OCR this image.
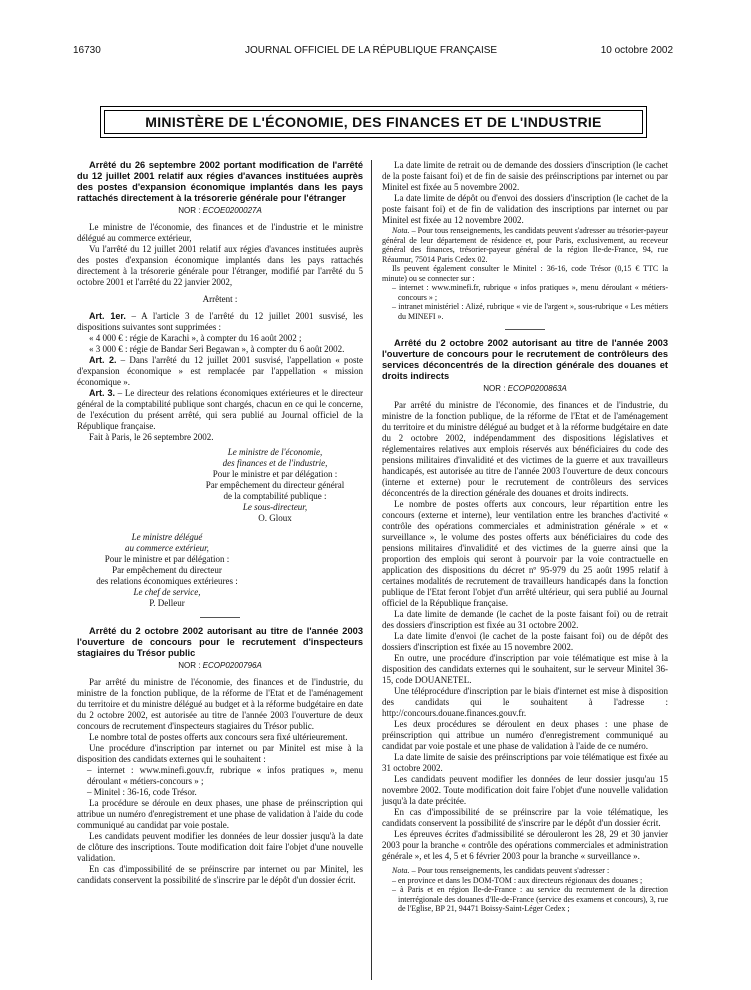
16730	JOURNAL OFFICIEL DE LA RÉPUBLIQUE FRANÇAISE	10 octobre 2002
MINISTÈRE DE L'ÉCONOMIE, DES FINANCES ET DE L'INDUSTRIE

Arrêté du 26 septembre 2002 portant modification de l'arrêté du 12 juillet 2001 relatif aux régies d'avances instituées auprès des postes d'expansion économique implantés dans les pays rattachés directement à la trésorerie générale pour l'étranger

NOR : ECOE0200027A

Le ministre de l'économie, des finances et de l'industrie et le ministre délégué au commerce extérieur,

Vu l'arrêté du 12 juillet 2001 relatif aux régies d'avances instituées auprès des postes d'expansion économique implantés dans les pays rattachés directement à la trésorerie générale pour l'étranger, modifié par l'arrêté du 5 octobre 2001 et l'arrêté du 22 janvier 2002,

Arrêtent :

Art. 1er. – A l'article 3 de l'arrêté du 12 juillet 2001 susvisé, les dispositions suivantes sont supprimées :

« 4 000 € : régie de Karachi », à compter du 16 août 2002 ;

« 3 000 € : régie de Bandar Seri Begawan », à compter du 6 août 2002.

Art. 2. – Dans l'arrêté du 12 juillet 2001 susvisé, l'appellation « poste d'expansion économique » est remplacée par l'appellation « mission économique ».

Art. 3. – Le directeur des relations économiques extérieures et le directeur général de la comptabilité publique sont chargés, chacun en ce qui le concerne, de l'exécution du présent arrêté, qui sera publié au Journal officiel de la République française.

Fait à Paris, le 26 septembre 2002.

Le ministre de l'économie,

des finances et de l'industrie,

Pour le ministre et par délégation :

Par empêchement du directeur général

de la comptabilité publique :

Le sous-directeur,

O. Gloux

Le ministre délégué

au commerce extérieur,

Pour le ministre et par délégation :

Par empêchement du directeur

des relations économiques extérieures :

Le chef de service,

P. Delleur

Arrêté du 2 octobre 2002 autorisant au titre de l'année 2003 l'ouverture de concours pour le recrutement d'inspecteurs stagiaires du Trésor public

NOR : ECOP0200796A

Par arrêté du ministre de l'économie, des finances et de l'industrie, du ministre de la fonction publique, de la réforme de l'Etat et de l'aménagement du territoire et du ministre délégué au budget et à la réforme budgétaire en date du 2 octobre 2002, est autorisée au titre de l'année 2003 l'ouverture de deux concours de recrutement d'inspecteurs stagiaires du Trésor public.

Le nombre total de postes offerts aux concours sera fixé ultérieurement.

Une procédure d'inscription par internet ou par Minitel est mise à la disposition des candidats externes qui le souhaitent :

– internet : www.minefi.gouv.fr, rubrique « infos pratiques », menu déroulant « métiers-concours » ;

– Minitel : 36-16, code Trésor.

La procédure se déroule en deux phases, une phase de préinscription qui attribue un numéro d'enregistrement et une phase de validation à l'aide du code communiqué au candidat par voie postale.

Les candidats peuvent modifier les données de leur dossier jusqu'à la date de clôture des inscriptions. Toute modification doit faire l'objet d'une nouvelle validation.

En cas d'impossibilité de se préinscrire par internet ou par Minitel, les candidats conservent la possibilité de s'inscrire par le dépôt d'un dossier écrit.

La date limite de retrait ou de demande des dossiers d'inscription (le cachet de la poste faisant foi) et de fin de saisie des préinscriptions par internet ou par Minitel est fixée au 5 novembre 2002.

La date limite de dépôt ou d'envoi des dossiers d'inscription (le cachet de la poste faisant foi) et de fin de validation des inscriptions par internet ou par Minitel est fixée au 12 novembre 2002.

Nota. – Pour tous renseignements, les candidats peuvent s'adresser au trésorier-payeur général de leur département de résidence et, pour Paris, exclusivement, au receveur général des finances, trésorier-payeur général de la région Ile-de-France, 94, rue Réaumur, 75014 Paris Cedex 02.

Ils peuvent également consulter le Minitel : 36-16, code Trésor (0,15 € TTC la minute) ou se connecter sur :

– internet : www.minefi.fr, rubrique « infos pratiques », menu déroulant « métiers-concours » ;

– intranet ministériel : Alizé, rubrique « vie de l'argent », sous-rubrique « Les métiers du MINEFI ».

Arrêté du 2 octobre 2002 autorisant au titre de l'année 2003 l'ouverture de concours pour le recrutement de contrôleurs des services déconcentrés de la direction générale des douanes et droits indirects

NOR : ECOP0200863A

Par arrêté du ministre de l'économie, des finances et de l'industrie, du ministre de la fonction publique, de la réforme de l'Etat et de l'aménagement du territoire et du ministre délégué au budget et à la réforme budgétaire en date du 2 octobre 2002, indépendamment des dispositions législatives et réglementaires relatives aux emplois réservés aux bénéficiaires du code des pensions militaires d'invalidité et des victimes de la guerre et aux travailleurs handicapés, est autorisée au titre de l'année 2003 l'ouverture de deux concours (interne et externe) pour le recrutement de contrôleurs des services déconcentrés de la direction générale des douanes et droits indirects.

Le nombre de postes offerts aux concours, leur répartition entre les concours (externe et interne), leur ventilation entre les branches d'activité « contrôle des opérations commerciales et administration générale » et « surveillance », le volume des postes offerts aux bénéficiaires du code des pensions militaires d'invalidité et des victimes de la guerre ainsi que la proportion des emplois qui seront à pourvoir par la voie contractuelle en application des dispositions du décret nº 95-979 du 25 août 1995 relatif à certaines modalités de recrutement de travailleurs handicapés dans la fonction publique de l'Etat feront l'objet d'un arrêté ultérieur, qui sera publié au Journal officiel de la République française.

La date limite de demande (le cachet de la poste faisant foi) ou de retrait des dossiers d'inscription est fixée au 31 octobre 2002.

La date limite d'envoi (le cachet de la poste faisant foi) ou de dépôt des dossiers d'inscription est fixée au 15 novembre 2002.

En outre, une procédure d'inscription par voie télématique est mise à la disposition des candidats externes qui le souhaitent, sur le serveur Minitel 36-15, code DOUANETEL.

Une téléprocédure d'inscription par le biais d'internet est mise à disposition des candidats qui le souhaitent à l'adresse : http://concours.douane.finances.gouv.fr.

Les deux procédures se déroulent en deux phases : une phase de préinscription qui attribue un numéro d'enregistrement communiqué au candidat par voie postale et une phase de validation à l'aide de ce numéro.

La date limite de saisie des préinscriptions par voie télématique est fixée au 31 octobre 2002.

Les candidats peuvent modifier les données de leur dossier jusqu'au 15 novembre 2002. Toute modification doit faire l'objet d'une nouvelle validation jusqu'à la date précitée.

En cas d'impossibilité de se préinscrire par la voie télématique, les candidats conservent la possibilité de s'inscrire par le dépôt d'un dossier écrit.

Les épreuves écrites d'admissibilité se dérouleront les 28, 29 et 30 janvier 2003 pour la branche « contrôle des opérations commerciales et administration générale », et les 4, 5 et 6 février 2003 pour la branche « surveillance ».

Nota. – Pour tous renseignements, les candidats peuvent s'adresser :

– en province et dans les DOM-TOM : aux directeurs régionaux des douanes ;

– à Paris et en région Ile-de-France : au service du recrutement de la direction interrégionale des douanes d'Ile-de-France (service des examens et concours), 3, rue de l'Eglise, BP 21, 94471 Boissy-Saint-Léger Cedex ;
